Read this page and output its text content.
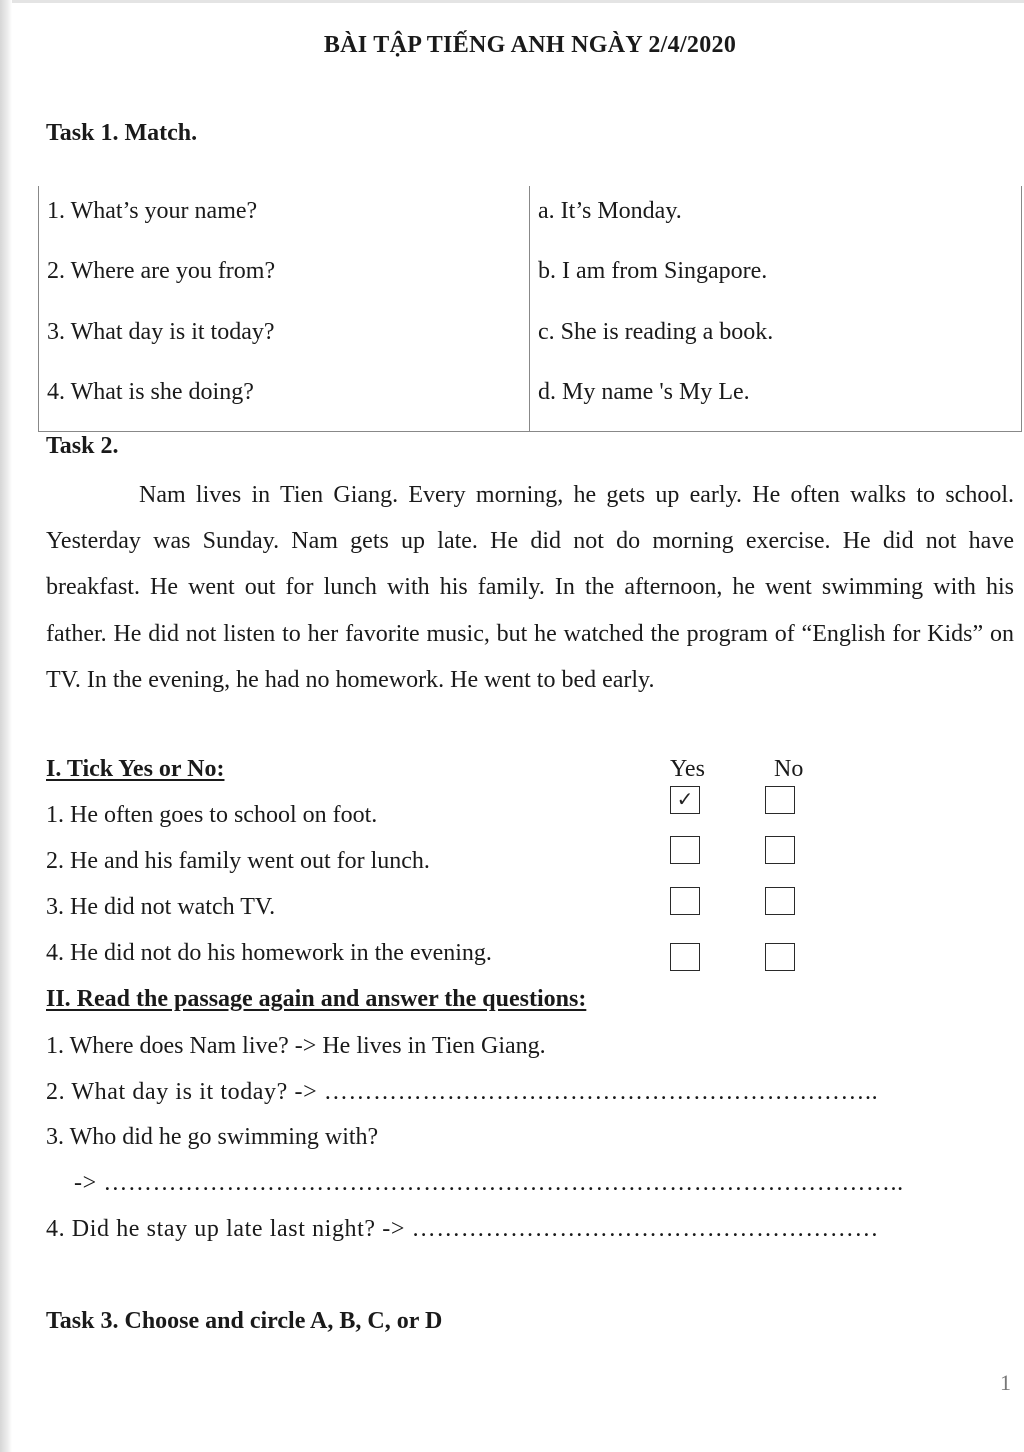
BÀI TẬP TIẾNG ANH NGÀY 2/4/2020
Task 1. Match.
1. What’s your name?
2. Where are you from?
3. What day is it today?
4. What is she doing?
a. It’s Monday.
b. I am from Singapore.
c. She is reading a book.
d. My name 's My Le.
Task 2.

Nam lives in Tien Giang. Every morning, he gets up early. He often walks to school. Yesterday was Sunday. Nam gets up late. He did not do morning exercise. He did not have breakfast. He went out for lunch with his family. In the afternoon, he went swimming with his father. He did not listen to her favorite music, but he watched the program of “English for Kids” on TV. In the evening, he had no homework. He went to bed early.

I. Tick Yes or No:	Yes	No
1. He often goes to school on foot.
✓
2. He and his family went out for lunch.
3. He did not watch TV.
4. He did not do his homework in the evening.
II. Read the passage again and answer the questions:
1. Where does Nam live? -> He lives in Tien Giang.
2. What day is it today? -> …………………………………………………………..
3. Who did he go swimming with?
-> ……………………………………………………………………………………..
4. Did he stay up late last night? -> …………………………………………………
Task 3. Choose and circle A, B, C, or D
1
